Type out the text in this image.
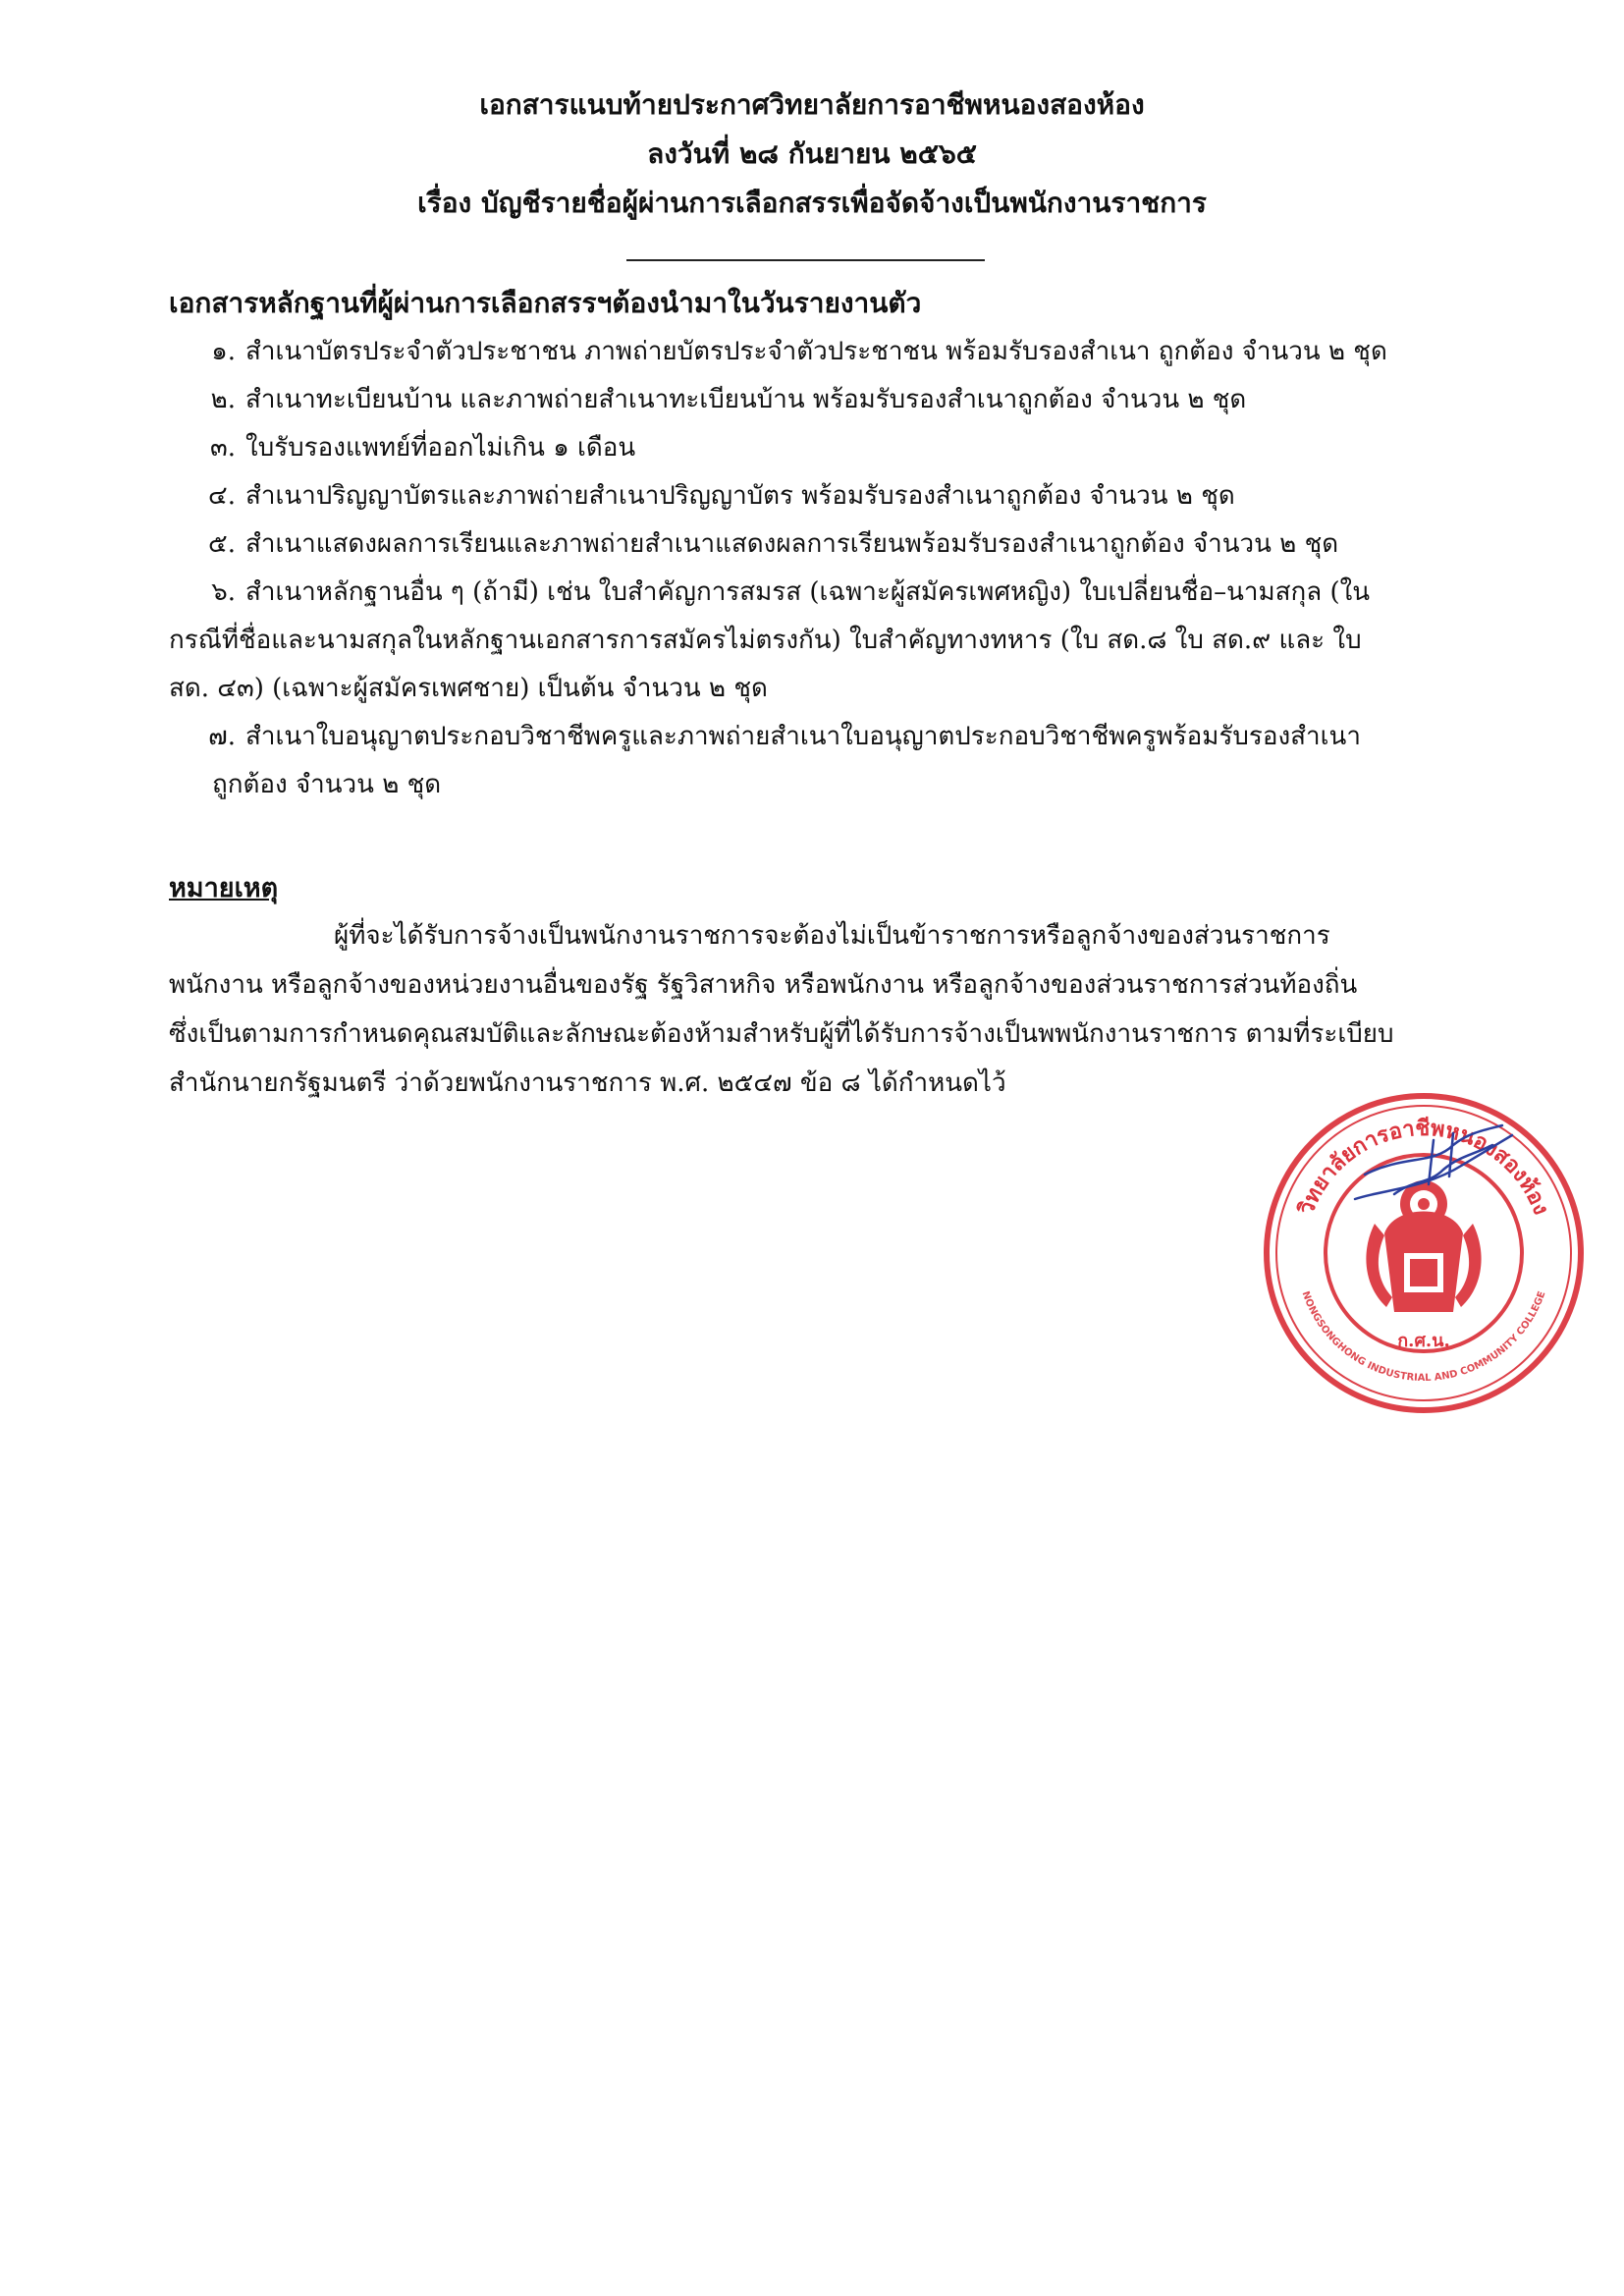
เอกสารแนบท้ายประกาศวิทยาลัยการอาชีพหนองสองห้อง
ลงวันที่ ๒๘ กันยายน ๒๕๖๕
เรื่อง บัญชีรายชื่อผู้ผ่านการเลือกสรรเพื่อจัดจ้างเป็นพนักงานราชการ
เอกสารหลักฐานที่ผู้ผ่านการเลือกสรรฯต้องนำมาในวันรายงานตัว
๑. สำเนาบัตรประจำตัวประชาชน ภาพถ่ายบัตรประจำตัวประชาชน พร้อมรับรองสำเนา ถูกต้อง จำนวน ๒ ชุด
๒. สำเนาทะเบียนบ้าน และภาพถ่ายสำเนาทะเบียนบ้าน พร้อมรับรองสำเนาถูกต้อง จำนวน ๒ ชุด
๓. ใบรับรองแพทย์ที่ออกไม่เกิน ๑ เดือน
๔. สำเนาปริญญาบัตรและภาพถ่ายสำเนาปริญญาบัตร พร้อมรับรองสำเนาถูกต้อง จำนวน ๒ ชุด
๕. สำเนาแสดงผลการเรียนและภาพถ่ายสำเนาแสดงผลการเรียนพร้อมรับรองสำเนาถูกต้อง จำนวน ๒ ชุด
๖. สำเนาหลักฐานอื่น ๆ (ถ้ามี) เช่น ใบสำคัญการสมรส (เฉพาะผู้สมัครเพศหญิง) ใบเปลี่ยนชื่อ–นามสกุล (ใน
กรณีที่ชื่อและนามสกุลในหลักฐานเอกสารการสมัครไม่ตรงกัน) ใบสำคัญทางทหาร (ใบ สด.๘ ใบ สด.๙ และ ใบ
สด. ๔๓) (เฉพาะผู้สมัครเพศชาย) เป็นต้น จำนวน ๒ ชุด
๗. สำเนาใบอนุญาตประกอบวิชาชีพครูและภาพถ่ายสำเนาใบอนุญาตประกอบวิชาชีพครูพร้อมรับรองสำเนา
ถูกต้อง จำนวน ๒ ชุด
หมายเหตุ
ผู้ที่จะได้รับการจ้างเป็นพนักงานราชการจะต้องไม่เป็นข้าราชการหรือลูกจ้างของส่วนราชการ
พนักงาน หรือลูกจ้างของหน่วยงานอื่นของรัฐ รัฐวิสาหกิจ หรือพนักงาน หรือลูกจ้างของส่วนราชการส่วนท้องถิ่น
ซึ่งเป็นตามการกำหนดคุณสมบัติและลักษณะต้องห้ามสำหรับผู้ที่ได้รับการจ้างเป็นพพนักงานราชการ ตามที่ระเบียบ
สำนักนายกรัฐมนตรี ว่าด้วยพนักงานราชการ พ.ศ. ๒๕๔๗ ข้อ ๘ ได้กำหนดไว้
วิทยาลัยการอาชีพหนองสองห้อง
NONGSONGHONG INDUSTRIAL AND COMMUNITY COLLEGE
ก.ศ.น.
